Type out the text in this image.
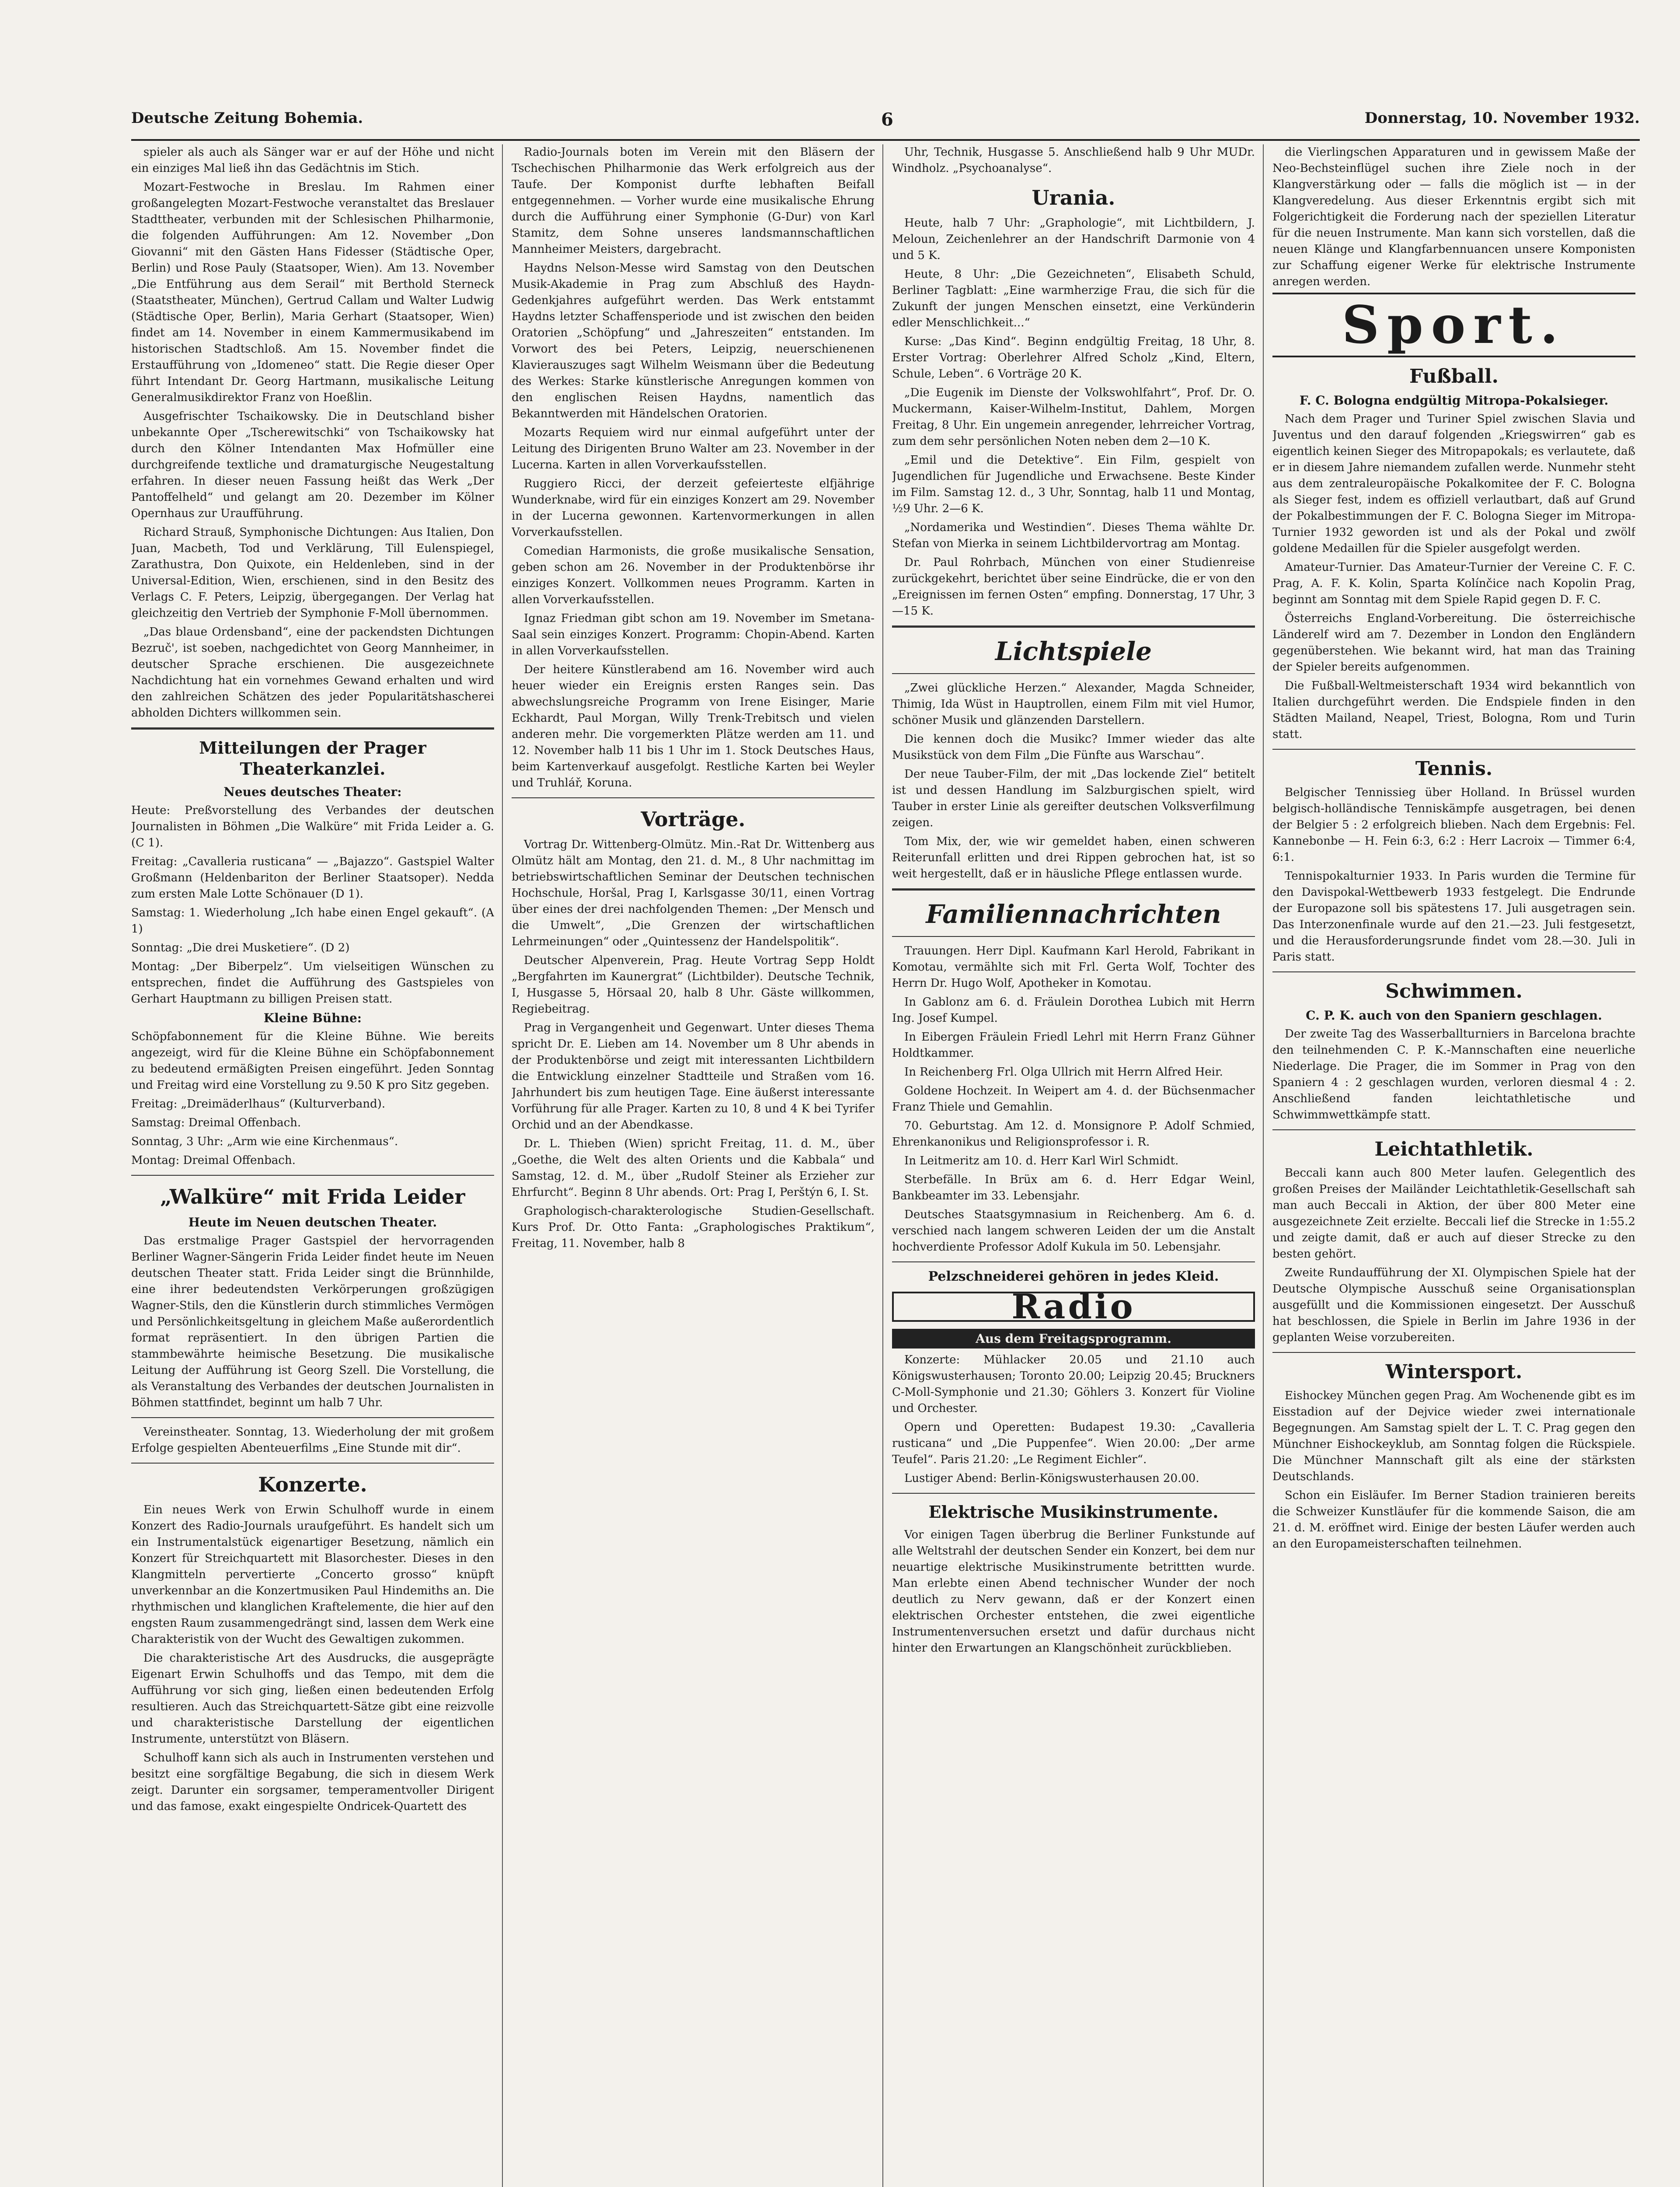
Deutsche Zeitung Bohemia.	6	Donnerstag, 10. November 1932.

spieler als auch als Sänger war er auf der Höhe und nicht ein einziges Mal ließ ihn das Gedächtnis im Stich.

Mozart-Festwoche in Breslau. Im Rahmen einer großangelegten Mozart-Festwoche veranstaltet das Breslauer Stadttheater, verbunden mit der Schlesischen Philharmonie, die folgenden Aufführungen: Am 12. November „Don Giovanni“ mit den Gästen Hans Fidesser (Städtische Oper, Berlin) und Rose Pauly (Staatsoper, Wien). Am 13. November „Die Entführung aus dem Serail“ mit Berthold Sterneck (Staatstheater, München), Gertrud Callam und Walter Ludwig (Städtische Oper, Berlin), Maria Gerhart (Staatsoper, Wien) findet am 14. November in einem Kammermusikabend im historischen Stadtschloß. Am 15. November findet die Erstaufführung von „Idomeneo“ statt. Die Regie dieser Oper führt Intendant Dr. Georg Hartmann, musikalische Leitung Generalmusikdirektor Franz von Hoeßlin.

Ausgefrischter Tschaikowsky. Die in Deutschland bisher unbekannte Oper „Tscherewitschki“ von Tschaikowsky hat durch den Kölner Intendanten Max Hofmüller eine durchgreifende textliche und dramaturgische Neugestaltung erfahren. In dieser neuen Fassung heißt das Werk „Der Pantoffelheld“ und gelangt am 20. Dezember im Kölner Opernhaus zur Uraufführung.

Richard Strauß, Symphonische Dichtungen: Aus Italien, Don Juan, Macbeth, Tod und Verklärung, Till Eulenspiegel, Zarathustra, Don Quixote, ein Heldenleben, sind in der Universal-Edition, Wien, erschienen, sind in den Besitz des Verlags C. F. Peters, Leipzig, übergegangen. Der Verlag hat gleichzeitig den Vertrieb der Symphonie F-Moll übernommen.

„Das blaue Ordensband“, eine der packendsten Dichtungen Bezruč', ist soeben, nachgedichtet von Georg Mannheimer, in deutscher Sprache erschienen. Die ausgezeichnete Nachdichtung hat ein vornehmes Gewand erhalten und wird den zahlreichen Schätzen des jeder Popularitätshascherei abholden Dichters willkommen sein.

Mitteilungen der Prager Theaterkanzlei.
Neues deutsches Theater:

Heute: Preßvorstellung des Verbandes der deutschen Journalisten in Böhmen „Die Walküre“ mit Frida Leider a. G. (C 1).

Freitag: „Cavalleria rusticana“ — „Bajazzo“. Gastspiel Walter Großmann (Heldenbariton der Berliner Staatsoper). Nedda zum ersten Male Lotte Schönauer (D 1).

Samstag: 1. Wiederholung „Ich habe einen Engel gekauft“. (A 1)

Sonntag: „Die drei Musketiere“. (D 2)

Montag: „Der Biberpelz“. Um vielseitigen Wünschen zu entsprechen, findet die Aufführung des Gastspieles von Gerhart Hauptmann zu billigen Preisen statt.

Kleine Bühne:

Schöpfabonnement für die Kleine Bühne. Wie bereits angezeigt, wird für die Kleine Bühne ein Schöpfabonnement zu bedeutend ermäßigten Preisen eingeführt. Jeden Sonntag und Freitag wird eine Vorstellung zu 9.50 K pro Sitz gegeben.

Freitag: „Dreimäderlhaus“ (Kulturverband).

Samstag: Dreimal Offenbach.

Sonntag, 3 Uhr: „Arm wie eine Kirchenmaus“.

Montag: Dreimal Offenbach.

„Walküre“ mit Frida Leider
Heute im Neuen deutschen Theater.

Das erstmalige Prager Gastspiel der hervorragenden Berliner Wagner-Sängerin Frida Leider findet heute im Neuen deutschen Theater statt. Frida Leider singt die Brünnhilde, eine ihrer bedeutendsten Verkörperungen großzügigen Wagner-Stils, den die Künstlerin durch stimmliches Vermögen und Persönlichkeitsgeltung in gleichem Maße außerordentlich format repräsentiert. In den übrigen Partien die stammbewährte heimische Besetzung. Die musikalische Leitung der Aufführung ist Georg Szell. Die Vorstellung, die als Veranstaltung des Verbandes der deutschen Journalisten in Böhmen stattfindet, beginnt um halb 7 Uhr.

Vereinstheater. Sonntag, 13. Wiederholung der mit großem Erfolge gespielten Abenteuerfilms „Eine Stunde mit dir“.

Konzerte.

Ein neues Werk von Erwin Schulhoff wurde in einem Konzert des Radio-Journals uraufgeführt. Es handelt sich um ein Instrumentalstück eigenartiger Besetzung, nämlich ein Konzert für Streichquartett mit Blasorchester. Dieses in den Klangmitteln pervertierte „Concerto grosso“ knüpft unverkennbar an die Konzertmusiken Paul Hindemiths an. Die rhythmischen und klanglichen Kraftelemente, die hier auf den engsten Raum zusammengedrängt sind, lassen dem Werk eine Charakteristik von der Wucht des Gewaltigen zukommen.

Die charakteristische Art des Ausdrucks, die ausgeprägte Eigenart Erwin Schulhoffs und das Tempo, mit dem die Aufführung vor sich ging, ließen einen bedeutenden Erfolg resultieren. Auch das Streichquartett-Sätze gibt eine reizvolle und charakteristische Darstellung der eigentlichen Instrumente, unterstützt von Bläsern.

Schulhoff kann sich als auch in Instrumenten verstehen und besitzt eine sorgfältige Begabung, die sich in diesem Werk zeigt. Darunter ein sorgsamer, temperamentvoller Dirigent und das famose, exakt eingespielte Ondricek-Quartett des

Radio-Journals boten im Verein mit den Bläsern der Tschechischen Philharmonie das Werk erfolgreich aus der Taufe. Der Komponist durfte lebhaften Beifall entgegennehmen. — Vorher wurde eine musikalische Ehrung durch die Aufführung einer Symphonie (G-Dur) von Karl Stamitz, dem Sohne unseres landsmannschaftlichen Mannheimer Meisters, dargebracht.

Haydns Nelson-Messe wird Samstag von den Deutschen Musik-Akademie in Prag zum Abschluß des Haydn-Gedenkjahres aufgeführt werden. Das Werk entstammt Haydns letzter Schaffensperiode und ist zwischen den beiden Oratorien „Schöpfung“ und „Jahreszeiten“ entstanden. Im Vorwort des bei Peters, Leipzig, neuerschienenen Klavierauszuges sagt Wilhelm Weismann über die Bedeutung des Werkes: Starke künstlerische Anregungen kommen von den englischen Reisen Haydns, namentlich das Bekanntwerden mit Händelschen Oratorien.

Mozarts Requiem wird nur einmal aufgeführt unter der Leitung des Dirigenten Bruno Walter am 23. November in der Lucerna. Karten in allen Vorverkaufsstellen.

Ruggiero Ricci, der derzeit gefeierteste elfjährige Wunderknabe, wird für ein einziges Konzert am 29. November in der Lucerna gewonnen. Kartenvormerkungen in allen Vorverkaufsstellen.

Comedian Harmonists, die große musikalische Sensation, geben schon am 26. November in der Produktenbörse ihr einziges Konzert. Vollkommen neues Programm. Karten in allen Vorverkaufsstellen.

Ignaz Friedman gibt schon am 19. November im Smetana-Saal sein einziges Konzert. Programm: Chopin-Abend. Karten in allen Vorverkaufsstellen.

Der heitere Künstlerabend am 16. November wird auch heuer wieder ein Ereignis ersten Ranges sein. Das abwechslungsreiche Programm von Irene Eisinger, Marie Eckhardt, Paul Morgan, Willy Trenk-Trebitsch und vielen anderen mehr. Die vorgemerkten Plätze werden am 11. und 12. November halb 11 bis 1 Uhr im 1. Stock Deutsches Haus, beim Kartenverkauf ausgefolgt. Restliche Karten bei Weyler und Truhlář, Koruna.

Vorträge.

Vortrag Dr. Wittenberg-Olmütz. Min.-Rat Dr. Wittenberg aus Olmütz hält am Montag, den 21. d. M., 8 Uhr nachmittag im betriebswirtschaftlichen Seminar der Deutschen technischen Hochschule, Horšal, Prag I, Karlsgasse 30/11, einen Vortrag über eines der drei nachfolgenden Themen: „Der Mensch und die Umwelt“, „Die Grenzen der wirtschaftlichen Lehrmeinungen“ oder „Quintessenz der Handelspolitik“.

Deutscher Alpenverein, Prag. Heute Vortrag Sepp Holdt „Bergfahrten im Kaunergrat“ (Lichtbilder). Deutsche Technik, I, Husgasse 5, Hörsaal 20, halb 8 Uhr. Gäste willkommen, Regiebeitrag.

Prag in Vergangenheit und Gegenwart. Unter dieses Thema spricht Dr. E. Lieben am 14. November um 8 Uhr abends in der Produktenbörse und zeigt mit interessanten Lichtbildern die Entwicklung einzelner Stadtteile und Straßen vom 16. Jahrhundert bis zum heutigen Tage. Eine äußerst interessante Vorführung für alle Prager. Karten zu 10, 8 und 4 K bei Tyrifer Orchid und an der Abendkasse.

Dr. L. Thieben (Wien) spricht Freitag, 11. d. M., über „Goethe, die Welt des alten Orients und die Kabbala“ und Samstag, 12. d. M., über „Rudolf Steiner als Erzieher zur Ehrfurcht“. Beginn 8 Uhr abends. Ort: Prag I, Perštýn 6, I. St.

Graphologisch-charakterologische Studien-Gesellschaft. Kurs Prof. Dr. Otto Fanta: „Graphologisches Praktikum“, Freitag, 11. November, halb 8

Uhr, Technik, Husgasse 5. Anschließend halb 9 Uhr MUDr. Windholz. „Psychoanalyse“.

Urania.

Heute, halb 7 Uhr: „Graphologie“, mit Lichtbildern, J. Meloun, Zeichenlehrer an der Handschrift Darmonie von 4 und 5 K.

Heute, 8 Uhr: „Die Gezeichneten“, Elisabeth Schuld, Berliner Tagblatt: „Eine warmherzige Frau, die sich für die Zukunft der jungen Menschen einsetzt, eine Verkünderin edler Menschlichkeit...“

Kurse: „Das Kind“. Beginn endgültig Freitag, 18 Uhr, 8. Erster Vortrag: Oberlehrer Alfred Scholz „Kind, Eltern, Schule, Leben“. 6 Vorträge 20 K.

„Die Eugenik im Dienste der Volkswohlfahrt“, Prof. Dr. O. Muckermann, Kaiser-Wilhelm-Institut, Dahlem, Morgen Freitag, 8 Uhr. Ein ungemein anregender, lehrreicher Vortrag, zum dem sehr persönlichen Noten neben dem 2—10 K.

„Emil und die Detektive“. Ein Film, gespielt von Jugendlichen für Jugendliche und Erwachsene. Beste Kinder im Film. Samstag 12. d., 3 Uhr, Sonntag, halb 11 und Montag, ½9 Uhr. 2—6 K.

„Nordamerika und Westindien“. Dieses Thema wählte Dr. Stefan von Mierka in seinem Lichtbildervortrag am Montag.

Dr. Paul Rohrbach, München von einer Studienreise zurückgekehrt, berichtet über seine Eindrücke, die er von den „Ereignissen im fernen Osten“ empfing. Donnerstag, 17 Uhr, 3—15 K.

Lichtspiele

„Zwei glückliche Herzen.“ Alexander, Magda Schneider, Thimig, Ida Wüst in Hauptrollen, einem Film mit viel Humor, schöner Musik und glänzenden Darstellern.

Die kennen doch die Musikc? Immer wieder das alte Musikstück von dem Film „Die Fünfte aus Warschau“.

Der neue Tauber-Film, der mit „Das lockende Ziel“ betitelt ist und dessen Handlung im Salzburgischen spielt, wird Tauber in erster Linie als gereifter deutschen Volksverfilmung zeigen.

Tom Mix, der, wie wir gemeldet haben, einen schweren Reiterunfall erlitten und drei Rippen gebrochen hat, ist so weit hergestellt, daß er in häusliche Pflege entlassen wurde.

Familiennachrichten

Trauungen. Herr Dipl. Kaufmann Karl Herold, Fabrikant in Komotau, vermählte sich mit Frl. Gerta Wolf, Tochter des Herrn Dr. Hugo Wolf, Apotheker in Komotau.

In Gablonz am 6. d. Fräulein Dorothea Lubich mit Herrn Ing. Josef Kumpel.

In Eibergen Fräulein Friedl Lehrl mit Herrn Franz Gühner Holdtkammer.

In Reichenberg Frl. Olga Ullrich mit Herrn Alfred Heir.

Goldene Hochzeit. In Weipert am 4. d. der Büchsenmacher Franz Thiele und Gemahlin.

70. Geburtstag. Am 12. d. Monsignore P. Adolf Schmied, Ehrenkanonikus und Religionsprofessor i. R.

In Leitmeritz am 10. d. Herr Karl Wirl Schmidt.

Sterbefälle. In Brüx am 6. d. Herr Edgar Weinl, Bankbeamter im 33. Lebensjahr.

Deutsches Staatsgymnasium in Reichenberg. Am 6. d. verschied nach langem schweren Leiden der um die Anstalt hochverdiente Professor Adolf Kukula im 50. Lebensjahr.

Pelzschneiderei gehören in jedes Kleid.
Radio
Aus dem Freitagsprogramm.

Konzerte: Mühlacker 20.05 und 21.10 auch Königswusterhausen; Toronto 20.00; Leipzig 20.45; Bruckners C-Moll-Symphonie und 21.30; Göhlers 3. Konzert für Violine und Orchester.

Opern und Operetten: Budapest 19.30: „Cavalleria rusticana“ und „Die Puppenfee“. Wien 20.00: „Der arme Teufel“. Paris 21.20: „Le Regiment Eichler“.

Lustiger Abend: Berlin-Königswusterhausen 20.00.

Elektrische Musikinstrumente.

Vor einigen Tagen überbrug die Berliner Funkstunde auf alle Weltstrahl der deutschen Sender ein Konzert, bei dem nur neuartige elektrische Musikinstrumente betrittten wurde. Man erlebte einen Abend technischer Wunder der noch deutlich zu Nerv gewann, daß er der Konzert einen elektrischen Orchester entstehen, die zwei eigentliche Instrumentenversuchen ersetzt und dafür durchaus nicht hinter den Erwartungen an Klangschönheit zurückblieben.

die Vierlingschen Apparaturen und in gewissem Maße der Neo-Bechsteinflügel suchen ihre Ziele noch in der Klangverstärkung oder — falls die möglich ist — in der Klangveredelung. Aus dieser Erkenntnis ergibt sich mit Folgerichtigkeit die Forderung nach der speziellen Literatur für die neuen Instrumente. Man kann sich vorstellen, daß die neuen Klänge und Klangfarbennuancen unsere Komponisten zur Schaffung eigener Werke für elektrische Instrumente anregen werden.

Sport.
Fußball.
F. C. Bologna endgültig Mitropa-Pokalsieger.

Nach dem Prager und Turiner Spiel zwischen Slavia und Juventus und den darauf folgenden „Kriegswirren“ gab es eigentlich keinen Sieger des Mitropapokals; es verlautete, daß er in diesem Jahre niemandem zufallen werde. Nunmehr steht aus dem zentraleuropäische Pokalkomitee der F. C. Bologna als Sieger fest, indem es offiziell verlautbart, daß auf Grund der Pokalbestimmungen der F. C. Bologna Sieger im Mitropa-Turnier 1932 geworden ist und als der Pokal und zwölf goldene Medaillen für die Spieler ausgefolgt werden.

Amateur-Turnier. Das Amateur-Turnier der Vereine C. F. C. Prag, A. F. K. Kolin, Sparta Kolínčice nach Kopolin Prag, beginnt am Sonntag mit dem Spiele Rapid gegen D. F. C.

Österreichs England-Vorbereitung. Die österreichische Länderelf wird am 7. Dezember in London den Engländern gegenüberstehen. Wie bekannt wird, hat man das Training der Spieler bereits aufgenommen.

Die Fußball-Weltmeisterschaft 1934 wird bekanntlich von Italien durchgeführt werden. Die Endspiele finden in den Städten Mailand, Neapel, Triest, Bologna, Rom und Turin statt.

Tennis.

Belgischer Tennissieg über Holland. In Brüssel wurden belgisch-holländische Tenniskämpfe ausgetragen, bei denen der Belgier 5 : 2 erfolgreich blieben. Nach dem Ergebnis: Fel. Kannebonbe — H. Fein 6:3, 6:2 : Herr Lacroix — Timmer 6:4, 6:1.

Tennispokalturnier 1933. In Paris wurden die Termine für den Davispokal-Wettbewerb 1933 festgelegt. Die Endrunde der Europazone soll bis spätestens 17. Juli ausgetragen sein. Das Interzonenfinale wurde auf den 21.—23. Juli festgesetzt, und die Herausforderungsrunde findet vom 28.—30. Juli in Paris statt.

Schwimmen.
C. P. K. auch von den Spaniern geschlagen.

Der zweite Tag des Wasserballturniers in Barcelona brachte den teilnehmenden C. P. K.-Mannschaften eine neuerliche Niederlage. Die Prager, die im Sommer in Prag von den Spaniern 4 : 2 geschlagen wurden, verloren diesmal 4 : 2. Anschließend fanden leichtathletische und Schwimmwettkämpfe statt.

Leichtathletik.

Beccali kann auch 800 Meter laufen. Gelegentlich des großen Preises der Mailänder Leichtathletik-Gesellschaft sah man auch Beccali in Aktion, der über 800 Meter eine ausgezeichnete Zeit erzielte. Beccali lief die Strecke in 1:55.2 und zeigte damit, daß er auch auf dieser Strecke zu den besten gehört.

Zweite Rundaufführung der XI. Olympischen Spiele hat der Deutsche Olympische Ausschuß seine Organisationsplan ausgefüllt und die Kommissionen eingesetzt. Der Ausschuß hat beschlossen, die Spiele in Berlin im Jahre 1936 in der geplanten Weise vorzubereiten.

Wintersport.

Eishockey München gegen Prag. Am Wochenende gibt es im Eisstadion auf der Dejvice wieder zwei internationale Begegnungen. Am Samstag spielt der L. T. C. Prag gegen den Münchner Eishockeyklub, am Sonntag folgen die Rückspiele. Die Münchner Mannschaft gilt als eine der stärksten Deutschlands.

Schon ein Eisläufer. Im Berner Stadion trainieren bereits die Schweizer Kunstläufer für die kommende Saison, die am 21. d. M. eröffnet wird. Einige der besten Läufer werden auch an den Europameisterschaften teilnehmen.
